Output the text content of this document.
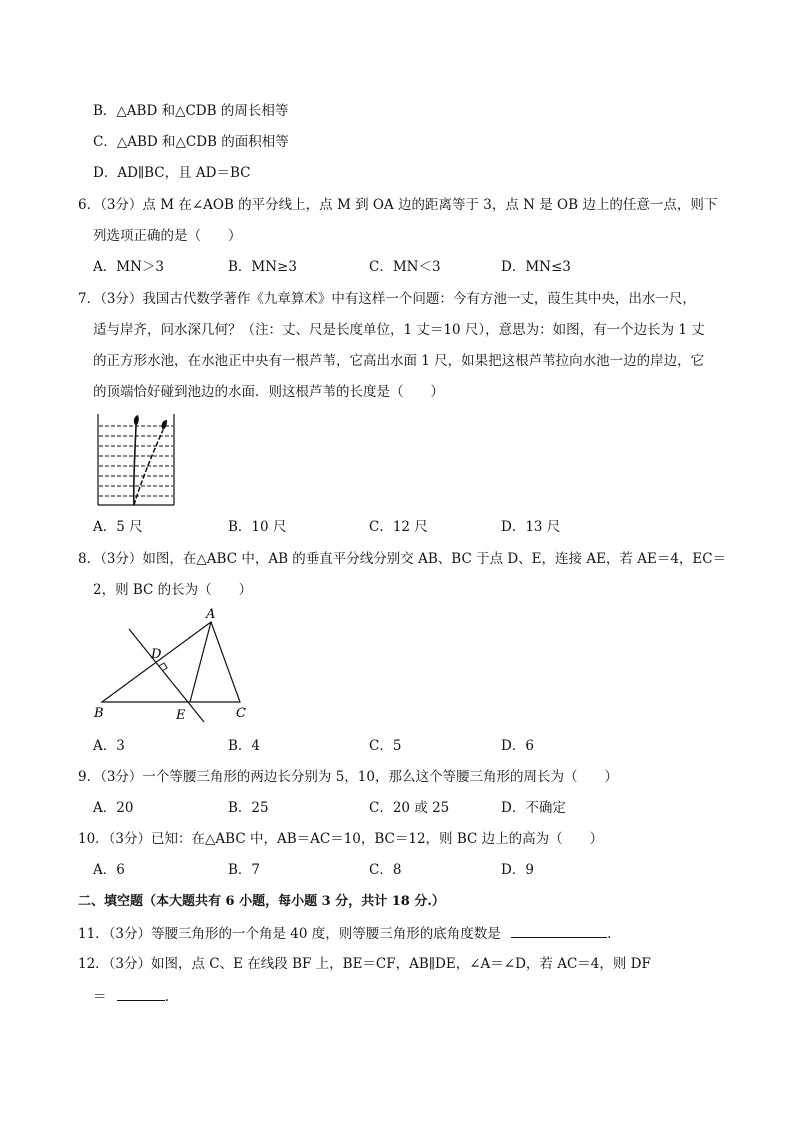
B．△ABD 和△CDB 的周长相等
C．△ABD 和△CDB 的面积相等
D．AD∥BC，且 AD＝BC
6．（3分）点 M 在∠AOB 的平分线上，点 M 到 OA 边的距离等于 3，点 N 是 OB 边上的任意一点，则下
列选项正确的是（　　）
A．MN＞3	B．MN≥3	C．MN＜3	D．MN≤3
7．（3分）我国古代数学著作《九章算术》中有这样一个问题：今有方池一丈，葭生其中央，出水一尺，
适与岸齐，问水深几何？（注：丈、尺是长度单位，1 丈＝10 尺），意思为：如图，有一个边长为 1 丈
的正方形水池，在水池正中央有一根芦苇，它高出水面 1 尺，如果把这根芦苇拉向水池一边的岸边，它
的顶端恰好碰到池边的水面．则这根芦苇的长度是（　　）
A．5 尺	B．10 尺	C．12 尺	D．13 尺
8．（3分）如图，在△ABC 中，AB 的垂直平分线分别交 AB、BC 于点 D、E，连接 AE，若 AE＝4，EC＝
2，则 BC 的长为（　　）
A
B	C
D
E
A．3	B．4	C．5	D．6
9．（3分）一个等腰三角形的两边长分别为 5，10，那么这个等腰三角形的周长为（　　）
A．20	B．25	C．20 或 25	D．不确定
10．（3分）已知：在△ABC 中，AB＝AC＝10，BC＝12，则 BC 边上的高为（　　）
A．6	B．7	C．8	D．9
二、填空题（本大题共有 6 小题，每小题 3 分，共计 18 分.）
11．（3分）等腰三角形的一个角是 40 度，则等腰三角形的底角度数是	.
12．（3分）如图，点 C、E 在线段 BF 上，BE＝CF，AB∥DE，∠A＝∠D，若 AC＝4，则 DF
＝	.
